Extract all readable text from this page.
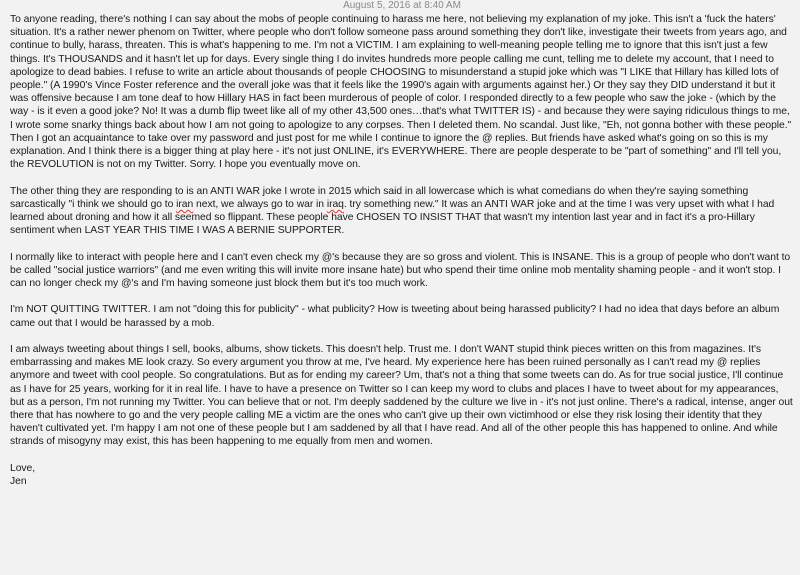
August 5, 2016 at 8:40 AM

To anyone reading, there's nothing I can say about the mobs of people continuing to harass me here, not believing my explanation of my joke. This isn't a 'fuck the haters' situation. It's a rather newer phenom on Twitter, where people who don't follow someone pass around something they don't like, investigate their tweets from years ago, and continue to bully, harass, threaten. This is what's happening to me. I'm not a VICTIM. I am explaining to well-meaning people telling me to ignore that this isn't just a few things. It's THOUSANDS and it hasn't let up for days. Every single thing I do invites hundreds more people calling me cunt, telling me to delete my account, that I need to apologize to dead babies. I refuse to write an article about thousands of people CHOOSING to misunderstand a stupid joke which was "I LIKE that Hillary has killed lots of people." (A 1990's Vince Foster reference and the overall joke was that it feels like the 1990's again with arguments against her.) Or they say they DID understand it but it was offensive because I am tone deaf to how Hillary HAS in fact been murderous of people of color. I responded directly to a few people who saw the joke - (which by the way - is it even a good joke? No! It was a dumb flip tweet like all of my other 43,500 ones…that's what TWITTER IS) - and because they were saying ridiculous things to me, I wrote some snarky things back about how I am not going to apologize to any corpses. Then I deleted them. No scandal. Just like, "Eh, not gonna bother with these people." Then I got an acquaintance to take over my password and just post for me while I continue to ignore the @ replies. But friends have asked what's going on so this is my explanation. And I think there is a bigger thing at play here - it's not just ONLINE, it's EVERYWHERE. There are people desperate to be "part of something" and I'll tell you, the REVOLUTION is not on my Twitter. Sorry. I hope you eventually move on.

The other thing they are responding to is an ANTI WAR joke I wrote in 2015 which said in all lowercase which is what comedians do when they're saying something sarcastically "i think we should go to iran next, we always go to war in iraq. try something new." It was an ANTI WAR joke and at the time I was very upset with what I had learned about droning and how it all seemed so flippant. These people have CHOSEN TO INSIST THAT that wasn't my intention last year and in fact it's a pro-Hillary sentiment when LAST YEAR THIS TIME I WAS A BERNIE SUPPORTER.

I normally like to interact with people here and I can't even check my @'s because they are so gross and violent. This is INSANE. This is a group of people who don't want to be called "social justice warriors" (and me even writing this will invite more insane hate) but who spend their time online mob mentality shaming people - and it won't stop. I can no longer check my @'s and I'm having someone just block them but it's too much work.

I'm NOT QUITTING TWITTER. I am not "doing this for publicity" - what publicity? How is tweeting about being harassed publicity? I had no idea that days before an album came out that I would be harassed by a mob.

I am always tweeting about things I sell, books, albums, show tickets. This doesn't help. Trust me. I don't WANT stupid think pieces written on this from magazines. It's embarrassing and makes ME look crazy. So every argument you throw at me, I've heard. My experience here has been ruined personally as I can't read my @ replies anymore and tweet with cool people. So congratulations. But as for ending my career? Um, that's not a thing that some tweets can do. As for true social justice, I'll continue as I have for 25 years, working for it in real life. I have to have a presence on Twitter so I can keep my word to clubs and places I have to tweet about for my appearances, but as a person, I'm not running my Twitter. You can believe that or not. I'm deeply saddened by the culture we live in - it's not just online. There's a radical, intense, anger out there that has nowhere to go and the very people calling ME a victim are the ones who can't give up their own victimhood or else they risk losing their identity that they haven't cultivated yet. I'm happy I am not one of these people but I am saddened by all that I have read. And all of the other people this has happened to online. And while strands of misogyny may exist, this has been happening to me equally from men and women.

Love,
Jen
